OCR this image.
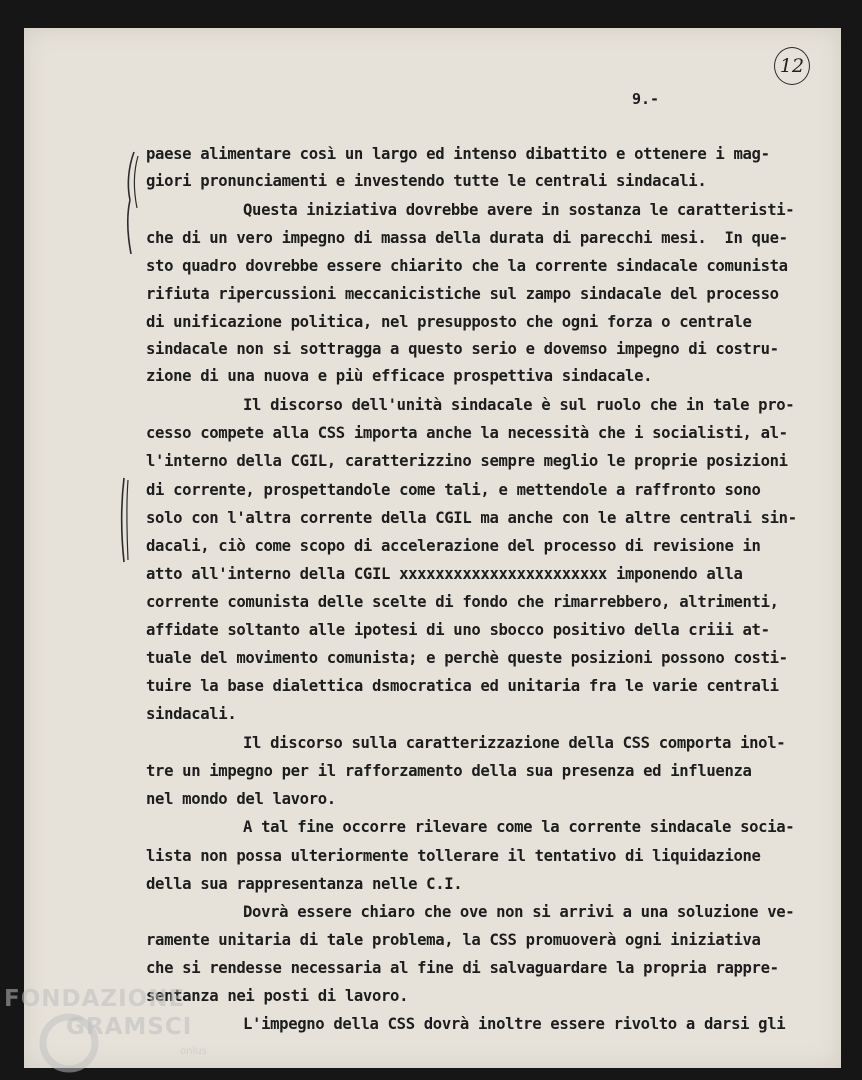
12
9.-
paese alimentare così un largo ed intenso dibattito e ottenere i mag-
giori pronunciamenti e investendo tutte le centrali sindacali.
Questa iniziativa dovrebbe avere in sostanza le caratteristi-
che di un vero impegno di massa della durata di parecchi mesi.  In que-
sto quadro dovrebbe essere chiarito che la corrente sindacale comunista
rifiuta ripercussioni meccanicistiche sul zampo sindacale del processo
di unificazione politica, nel presupposto che ogni forza o centrale
sindacale non si sottragga a questo serio e dovemso impegno di costru-
zione di una nuova e più efficace prospettiva sindacale.
Il discorso dell'unità sindacale è sul ruolo che in tale pro-
cesso compete alla CSS importa anche la necessità che i socialisti, al-
l'interno della CGIL, caratterizzino sempre meglio le proprie posizioni
di corrente, prospettandole come tali, e mettendole a raffronto sono
solo con l'altra corrente della CGIL ma anche con le altre centrali sin-
dacali, ciò come scopo di accelerazione del processo di revisione in
atto all'interno della CGIL xxxxxxxxxxxxxxxxxxxxxxx imponendo alla
corrente comunista delle scelte di fondo che rimarrebbero, altrimenti,
affidate soltanto alle ipotesi di uno sbocco positivo della criii at-
tuale del movimento comunista; e perchè queste posizioni possono costi-
tuire la base dialettica dsmocratica ed unitaria fra le varie centrali
sindacali.
Il discorso sulla caratterizzazione della CSS comporta inol-
tre un impegno per il rafforzamento della sua presenza ed influenza
nel mondo del lavoro.
A tal fine occorre rilevare come la corrente sindacale socia-
lista non possa ulteriormente tollerare il tentativo di liquidazione
della sua rappresentanza nelle C.I.
Dovrà essere chiaro che ove non si arrivi a una soluzione ve-
ramente unitaria di tale problema, la CSS promuoverà ogni iniziativa
che si rendesse necessaria al fine di salvaguardare la propria rappre-
sentanza nei posti di lavoro.
L'impegno della CSS dovrà inoltre essere rivolto a darsi gli
FONDAZIONE
GRAMSCI
onlus
